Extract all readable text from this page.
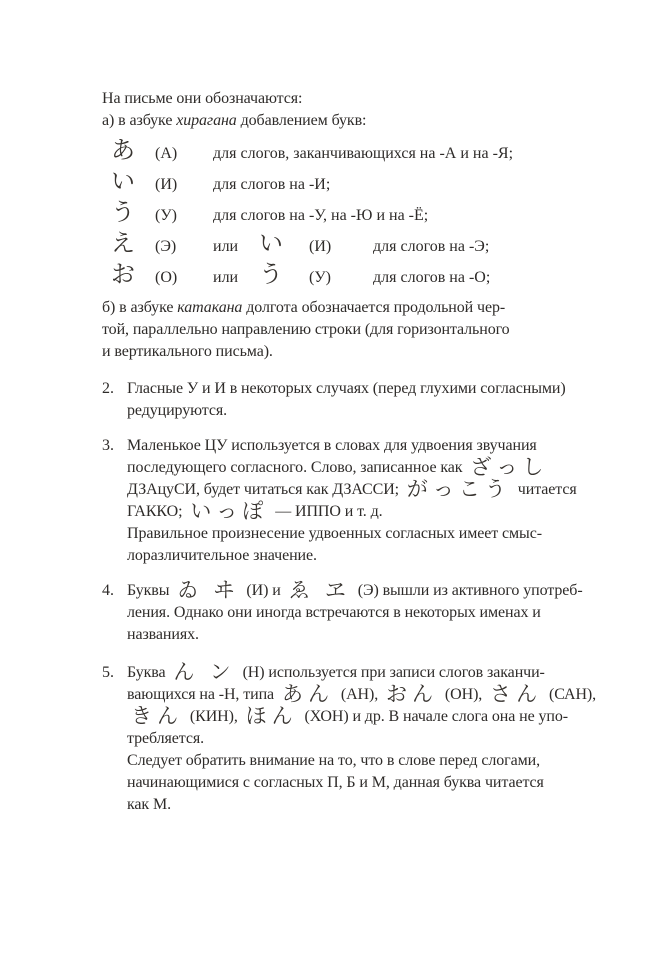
На письме они обозначаются:
а) в азбуке хирагана добавлением букв:
あ	(А)	для слогов, заканчивающихся на -А и на -Я;
い	(И)	для слогов на -И;
う	(У)	для слогов на -У, на -Ю и на -Ё;
え	(Э)	или い	(И)	для слогов на -Э;
お	(О)	или う	(У)	для слогов на -О;
б) в азбуке катакана долгота обозначается продольной чер-
той, параллельно направлению строки (для горизонтального
и вертикального письма).
2. Гласные У и И в некоторых случаях (перед глухими согласными)
редуцируются.
3. Маленькое ЦУ используется в словах для удвоения звучания
последующего согласного. Слово, записанное как ざっし
ДЗАцуСИ, будет читаться как ДЗАССИ; がっこう читается
ГАККО; いっぽ — ИППО и т. д.
Правильное произнесение удвоенных согласных имеет смыс-
лоразличительное значение.
4. Буквы ゐ ヰ (И) и ゑ ヱ (Э) вышли из активного употреб-
ления. Однако они иногда встречаются в некоторых именах и
названиях.
5. Буква ん ン (Н) используется при записи слогов заканчи-
вающихся на -Н, типа あん (АН), おん (ОН), さん (САН),
きん (КИН), ほん (ХОН) и др. В начале слога она не упо-
требляется.
Следует обратить внимание на то, что в слове перед слогами,
начинающимися с согласных П, Б и М, данная буква читается
как М.
